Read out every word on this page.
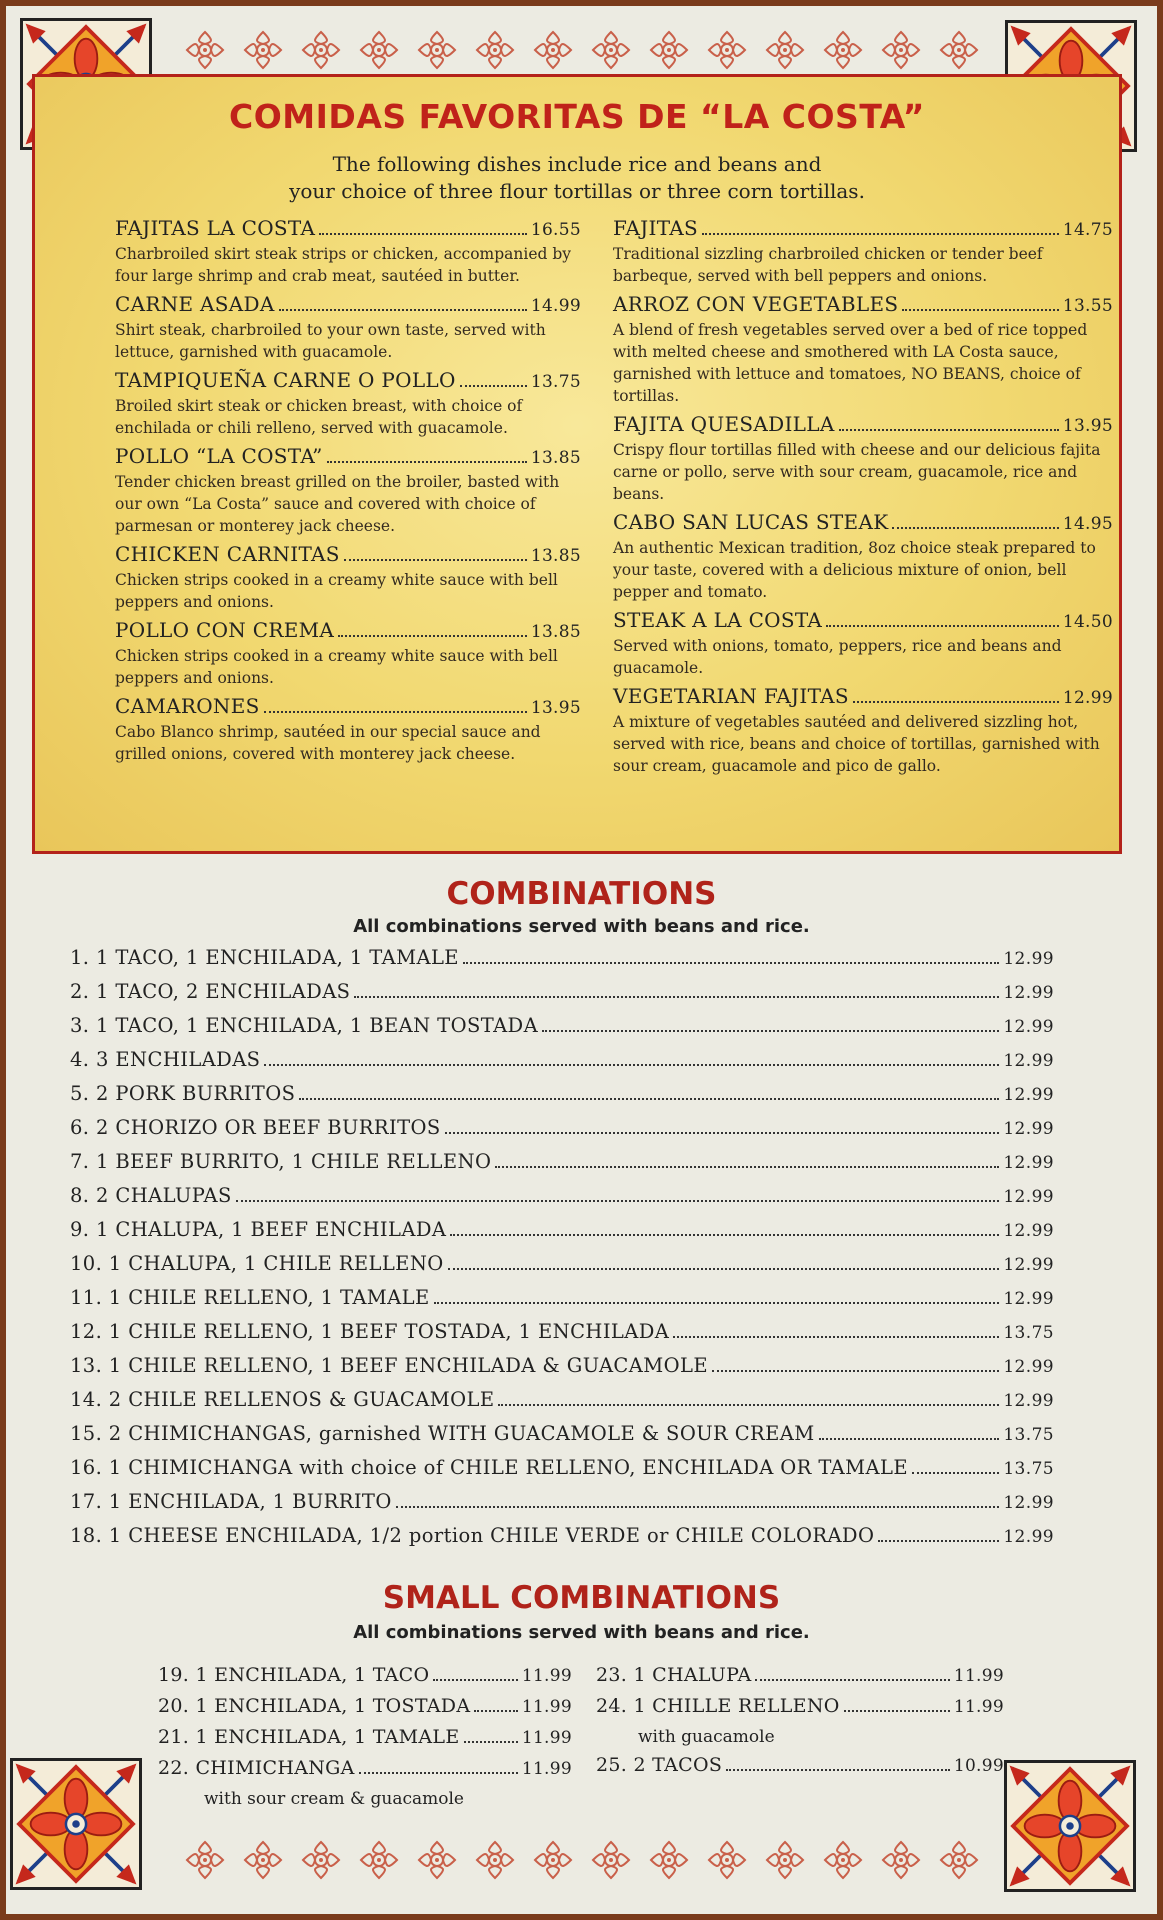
COMIDAS FAVORITAS DE “LA COSTA”
The following dishes include rice and beans and
your choice of three flour tortillas or three corn tortillas.
FAJITAS LA COSTA	16.55
Charbroiled skirt steak strips or chicken, accompanied by four large shrimp and crab meat, sautéed in butter.
CARNE ASADA	14.99
Shirt steak, charbroiled to your own taste, served with lettuce, garnished with guacamole.
TAMPIQUEÑA CARNE O POLLO	13.75
Broiled skirt steak or chicken breast, with choice of enchilada or chili relleno, served with guacamole.
POLLO “LA COSTA”	13.85
Tender chicken breast grilled on the broiler, basted with our own “La Costa” sauce and covered with choice of parmesan or monterey jack cheese.
CHICKEN CARNITAS	13.85
Chicken strips cooked in a creamy white sauce with bell peppers and onions.
POLLO CON CREMA	13.85
Chicken strips cooked in a creamy white sauce with bell peppers and onions.
CAMARONES	13.95
Cabo Blanco shrimp, sautéed in our special sauce and grilled onions, covered with monterey jack cheese.
FAJITAS	14.75
Traditional sizzling charbroiled chicken or tender beef barbeque, served with bell peppers and onions.
ARROZ CON VEGETABLES	13.55
A blend of fresh vegetables served over a bed of rice topped with melted cheese and smothered with LA Costa sauce, garnished with lettuce and tomatoes, NO BEANS, choice of tortillas.
FAJITA QUESADILLA	13.95
Crispy flour tortillas filled with cheese and our delicious fajita carne or pollo, serve with sour cream, guacamole, rice and beans.
CABO SAN LUCAS STEAK	14.95
An authentic Mexican tradition, 8oz choice steak prepared to your taste, covered with a delicious mixture of onion, bell pepper and tomato.
STEAK A LA COSTA	14.50
Served with onions, tomato, peppers, rice and beans and guacamole.
VEGETARIAN FAJITAS	12.99
A mixture of vegetables sautéed and delivered sizzling hot, served with rice, beans and choice of tortillas, garnished with sour cream, guacamole and pico de gallo.
COMBINATIONS
All combinations served with beans and rice.
1. 1 TACO, 1 ENCHILADA, 1 TAMALE	12.99
2. 1 TACO, 2 ENCHILADAS	12.99
3. 1 TACO, 1 ENCHILADA, 1 BEAN TOSTADA	12.99
4. 3 ENCHILADAS	12.99
5. 2 PORK BURRITOS	12.99
6. 2 CHORIZO OR BEEF BURRITOS	12.99
7. 1 BEEF BURRITO, 1 CHILE RELLENO	12.99
8. 2 CHALUPAS	12.99
9. 1 CHALUPA, 1 BEEF ENCHILADA	12.99
10. 1 CHALUPA, 1 CHILE RELLENO	12.99
11. 1 CHILE RELLENO, 1 TAMALE	12.99
12. 1 CHILE RELLENO, 1 BEEF TOSTADA, 1 ENCHILADA	13.75
13. 1 CHILE RELLENO, 1 BEEF ENCHILADA & GUACAMOLE	12.99
14. 2 CHILE RELLENOS & GUACAMOLE	12.99
15. 2 CHIMICHANGAS, garnished WITH GUACAMOLE & SOUR CREAM	13.75
16. 1 CHIMICHANGA with choice of CHILE RELLENO, ENCHILADA OR TAMALE	13.75
17. 1 ENCHILADA, 1 BURRITO	12.99
18. 1 CHEESE ENCHILADA, 1/2 portion CHILE VERDE or CHILE COLORADO	12.99
SMALL COMBINATIONS
All combinations served with beans and rice.
19. 1 ENCHILADA, 1 TACO	11.99
20. 1 ENCHILADA, 1 TOSTADA	11.99
21. 1 ENCHILADA, 1 TAMALE	11.99
22. CHIMICHANGA	11.99
with sour cream & guacamole
23. 1 CHALUPA	11.99
24. 1 CHILLE RELLENO	11.99
with guacamole
25. 2 TACOS	10.99
